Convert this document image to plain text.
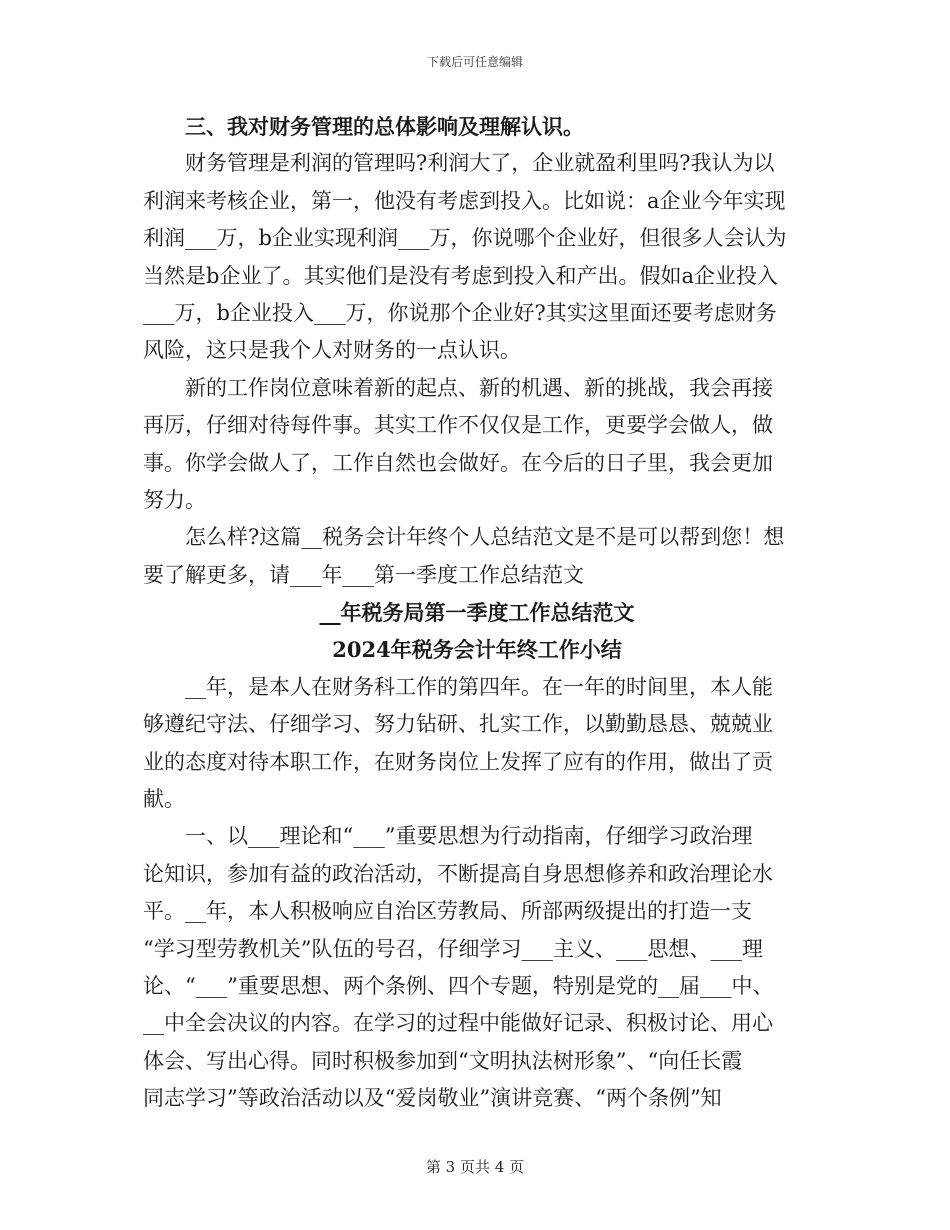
下载后可任意编辑
三、我对财务管理的总体影响及理解认识。
财务管理是利润的管理吗?利润大了，企业就盈利里吗?我认为以
利润来考核企业，第一，他没有考虑到投入。比如说：a企业今年实现
利润___万，b企业实现利润___万，你说哪个企业好，但很多人会认为
当然是b企业了。其实他们是没有考虑到投入和产出。假如a企业投入
___万，b企业投入___万，你说那个企业好?其实这里面还要考虑财务
风险，这只是我个人对财务的一点认识。
新的工作岗位意味着新的起点、新的机遇、新的挑战，我会再接
再厉，仔细对待每件事。其实工作不仅仅是工作，更要学会做人，做
事。你学会做人了，工作自然也会做好。在今后的日子里，我会更加
努力。
怎么样?这篇__税务会计年终个人总结范文是不是可以帮到您！想
要了解更多，请___年___第一季度工作总结范文
__年税务局第一季度工作总结范文
2024年税务会计年终工作小结
__年，是本人在财务科工作的第四年。在一年的时间里，本人能
够遵纪守法、仔细学习、努力钻研、扎实工作，以勤勤恳恳、兢兢业
业的态度对待本职工作，在财务岗位上发挥了应有的作用，做出了贡
献。
一、以___理论和“___”重要思想为行动指南，仔细学习政治理
论知识，参加有益的政治活动，不断提高自身思想修养和政治理论水
平。__年，本人积极响应自治区劳教局、所部两级提出的打造一支
“学习型劳教机关”队伍的号召，仔细学习___主义、___思想、___理
论、“___”重要思想、两个条例、四个专题，特别是党的__届___中、
__中全会决议的内容。在学习的过程中能做好记录、积极讨论、用心
体会、写出心得。同时积极参加到“文明执法树形象”、“向任长霞
同志学习”等政治活动以及“爱岗敬业”演讲竞赛、“两个条例”知
第 3 页共 4 页
